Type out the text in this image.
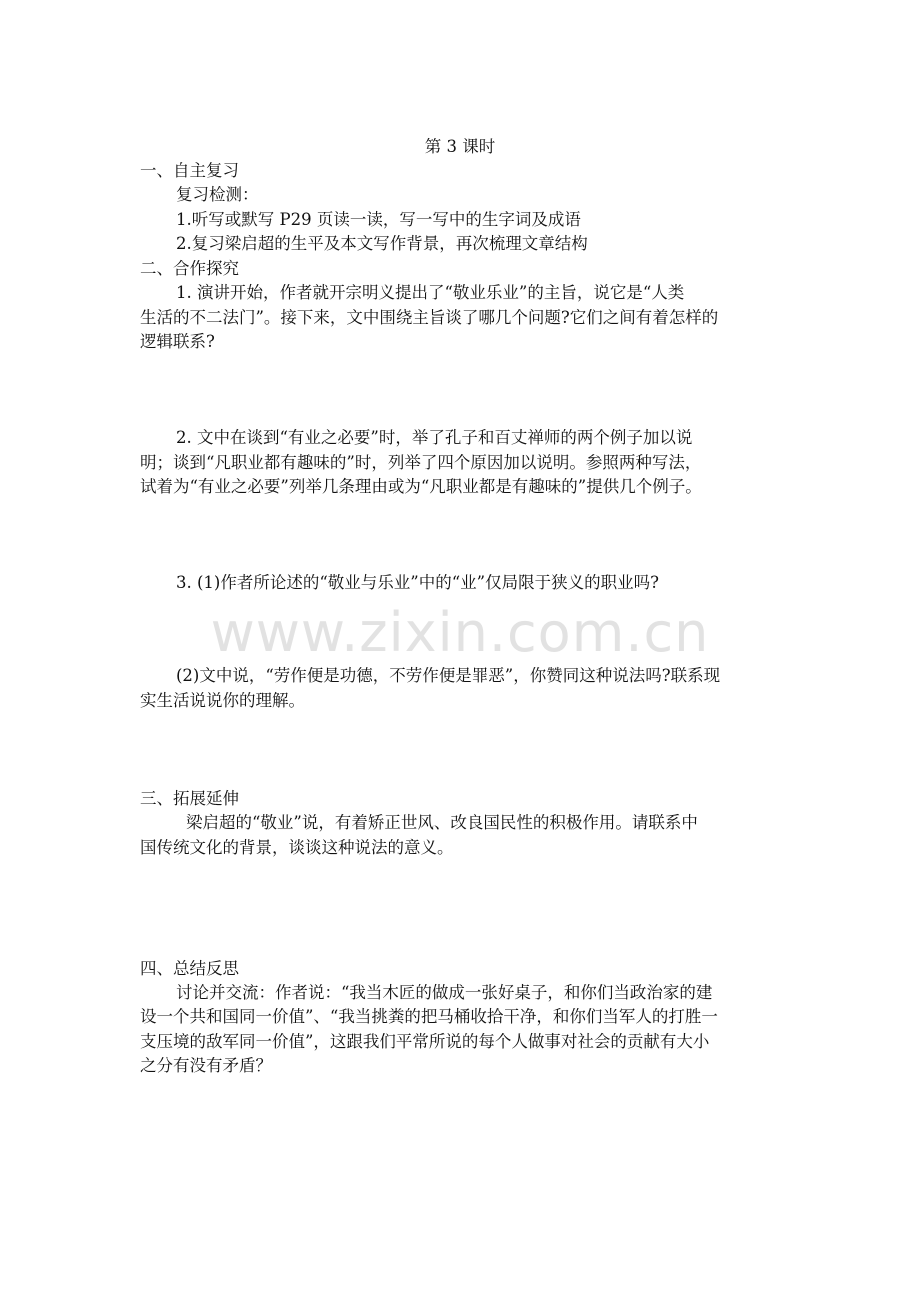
第 3 课时
一、自主复习
复习检测：
1.听写或默写 P29 页读一读，写一写中的生字词及成语
2.复习梁启超的生平及本文写作背景，再次梳理文章结构
二、合作探究
1. 演讲开始，作者就开宗明义提出了“敬业乐业”的主旨，说它是“人类
生活的不二法门”。接下来，文中围绕主旨谈了哪几个问题?它们之间有着怎样的
逻辑联系?
2. 文中在谈到“有业之必要”时，举了孔子和百丈禅师的两个例子加以说
明；谈到“凡职业都有趣味的”时，列举了四个原因加以说明。参照两种写法，
试着为“有业之必要”列举几条理由或为“凡职业都是有趣味的”提供几个例子。
3. (1)作者所论述的“敬业与乐业”中的“业”仅局限于狭义的职业吗?
www.zixin.com.cn
(2)文中说，“劳作便是功德，不劳作便是罪恶”，你赞同这种说法吗?联系现
实生活说说你的理解。
三、拓展延伸
梁启超的“敬业”说，有着矫正世风、改良国民性的积极作用。请联系中
国传统文化的背景，谈谈这种说法的意义。
四、总结反思
讨论并交流：作者说：“我当木匠的做成一张好桌子，和你们当政治家的建
设一个共和国同一价值”、“我当挑粪的把马桶收拾干净，和你们当军人的打胜一
支压境的敌军同一价值”，这跟我们平常所说的每个人做事对社会的贡献有大小
之分有没有矛盾？
